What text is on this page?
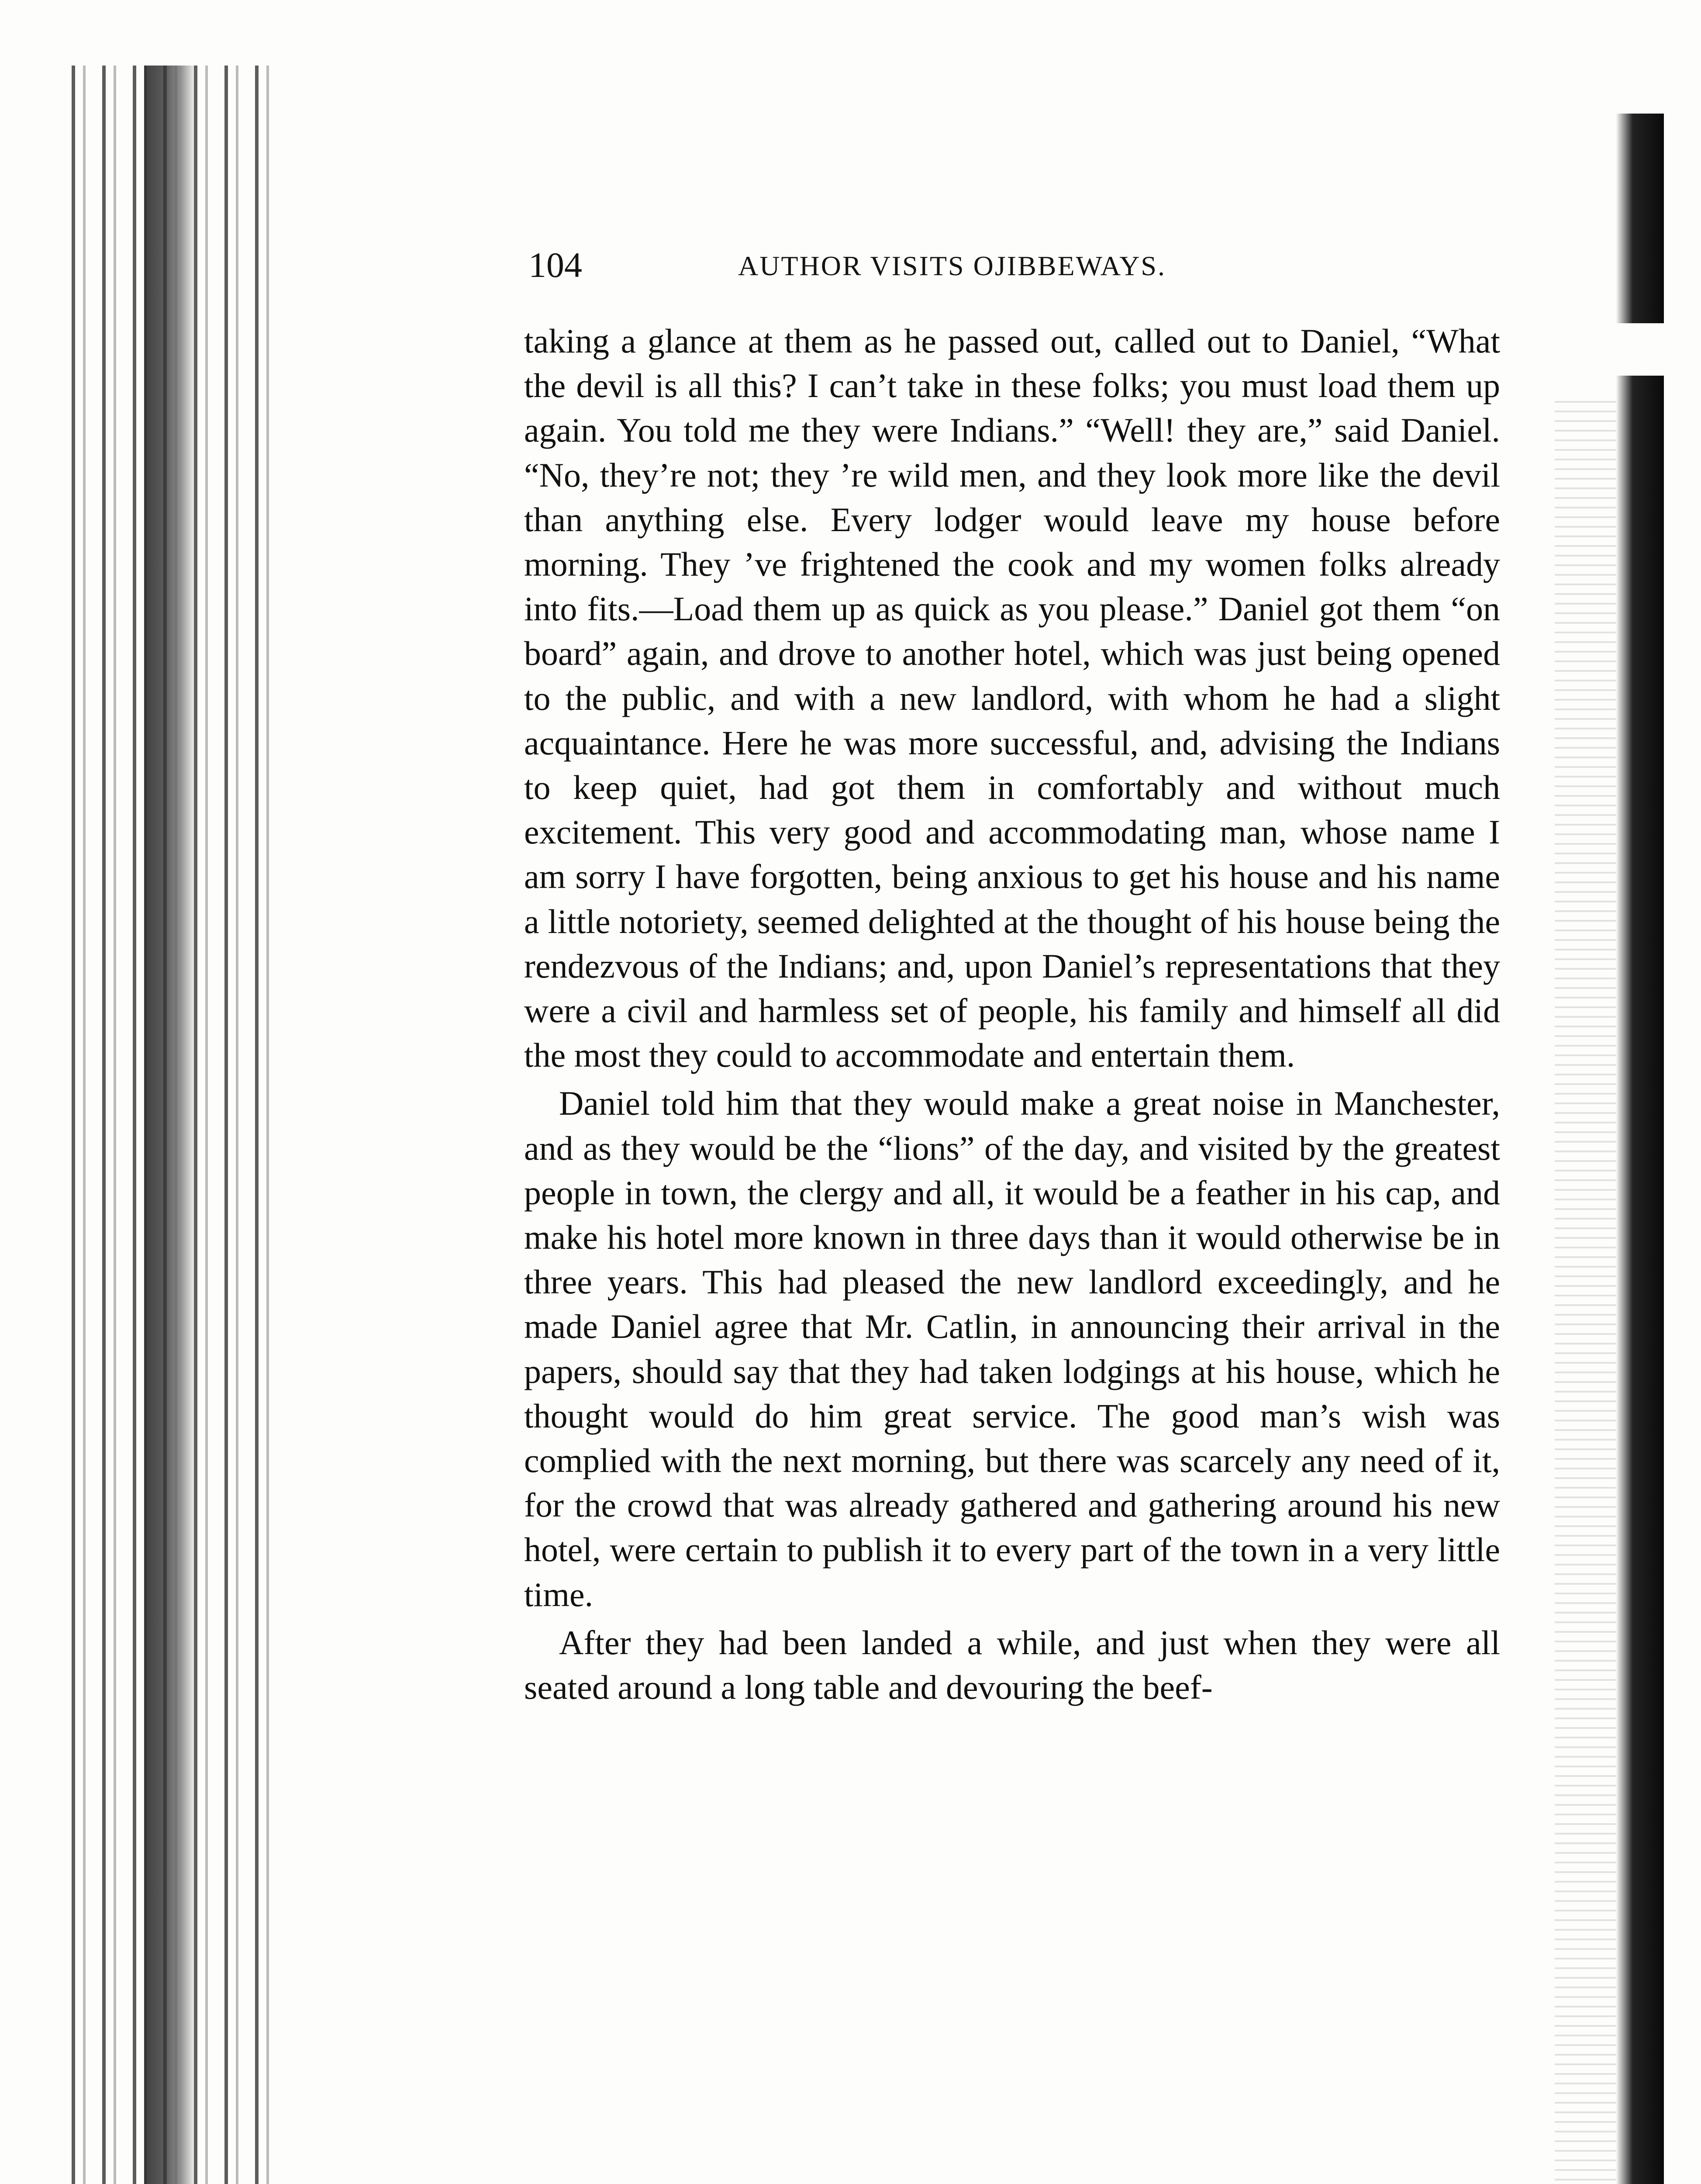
104	AUTHOR VISITS OJIBBEWAYS.

taking a glance at them as he passed out, called out to Daniel, “What the devil is all this? I can’t take in these folks; you must load them up again. You told me they were Indians.” “Well! they are,” said Daniel. “No, they’re not; they ’re wild men, and they look more like the devil than anything else. Every lodger would leave my house before morning. They ’ve frightened the cook and my women folks already into fits.—Load them up as quick as you please.” Daniel got them “on board” again, and drove to another hotel, which was just being opened to the public, and with a new landlord, with whom he had a slight acquaintance. Here he was more successful, and, advising the Indians to keep quiet, had got them in comfortably and without much excitement. This very good and accommodating man, whose name I am sorry I have forgotten, being anxious to get his house and his name a little notoriety, seemed delighted at the thought of his house being the rendezvous of the Indians; and, upon Daniel’s representations that they were a civil and harmless set of people, his family and himself all did the most they could to accommodate and entertain them.

Daniel told him that they would make a great noise in Manchester, and as they would be the “lions” of the day, and visited by the greatest people in town, the clergy and all, it would be a feather in his cap, and make his hotel more known in three days than it would otherwise be in three years. This had pleased the new landlord exceedingly, and he made Daniel agree that Mr. Catlin, in announcing their arrival in the papers, should say that they had taken lodgings at his house, which he thought would do him great service. The good man’s wish was complied with the next morning, but there was scarcely any need of it, for the crowd that was already gathered and gathering around his new hotel, were certain to publish it to every part of the town in a very little time.

After they had been landed a while, and just when they were all seated around a long table and devouring the beef-
